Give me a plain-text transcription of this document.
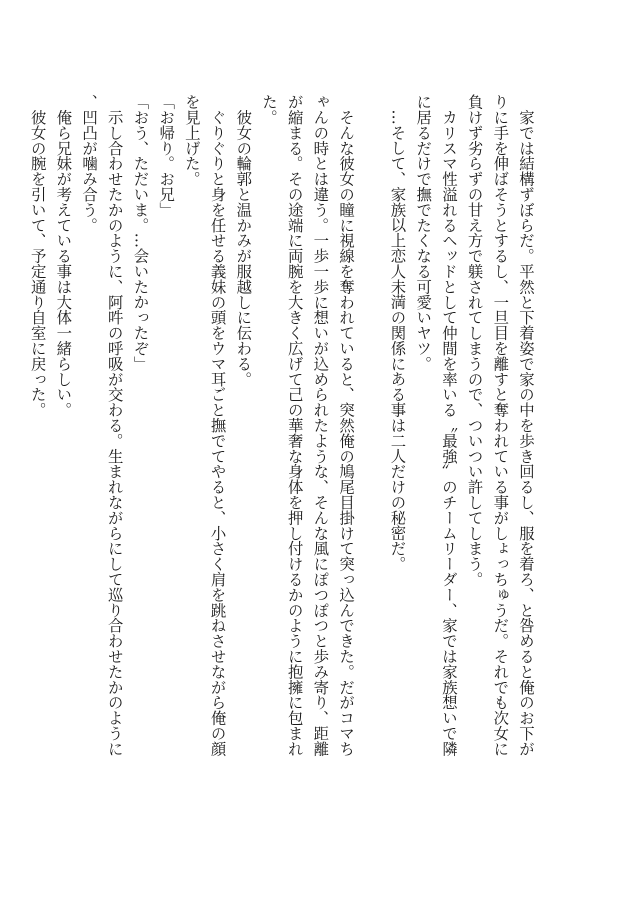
　家では結構ずぼらだ。平然と下着姿で家の中を歩き回るし、服を着ろ、と咎めると俺のお下がりに手を伸ばそうとするし、一旦目を離すと奪われている事がしょっちゅうだ。それでも次女に負けず劣らずの甘え方で躾されてしまうので、ついつい許してしまう。

　カリスマ性溢れるヘッドとして仲間を率いる〝最強〟のチームリーダー、家では家族想いで隣に居るだけで撫でたくなる可愛いヤツ。

　…そして、家族以上恋人未満の関係にある事は二人だけの秘密だ。

　そんな彼女の瞳に視線を奪われていると、突然俺の鳩尾目掛けて突っ込んできた。だがコマちゃんの時とは違う。一歩一歩に想いが込められたような、そんな風にぽつぽつと歩み寄り、距離が縮まる。その途端に両腕を大きく広げて己の華奢な身体を押し付けるかのように抱擁に包まれた。

　彼女の輪郭と温かみが服越しに伝わる。

　ぐりぐりと身を任せる義妹の頭をウマ耳ごと撫でてやると、小さく肩を跳ねさせながら俺の顔を見上げた。

「お帰り。お兄」

「おう、ただいま。…会いたかったぞ」

　示し合わせたかのように、阿吽の呼吸が交わる。生まれながらにして巡り合わせたかのように、凹凸が噛み合う。

　俺ら兄妹が考えている事は大体一緒らしい。

　彼女の腕を引いて、予定通り自室に戻った。
